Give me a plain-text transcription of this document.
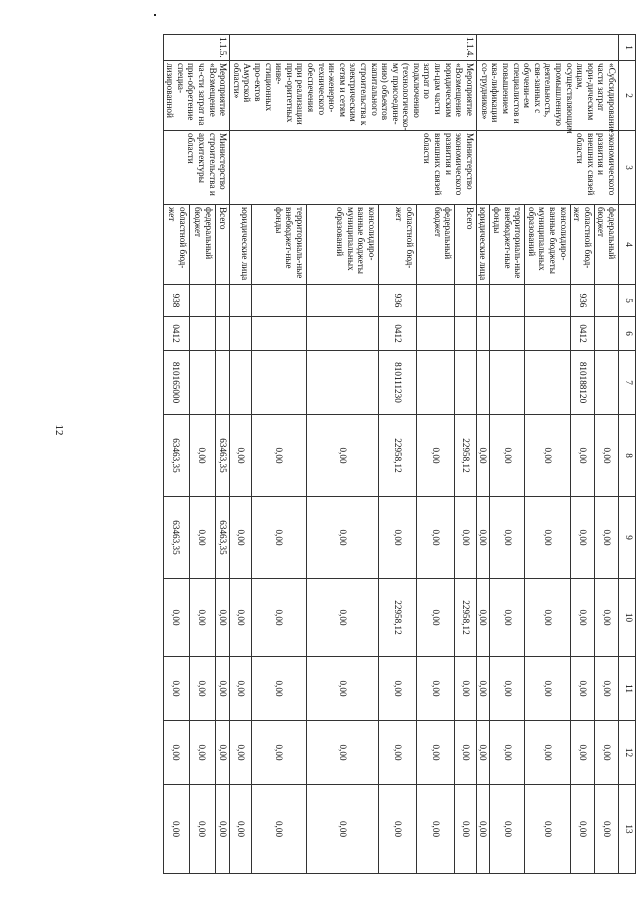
12
1	2	3	4	5	6	7	8	9	10	11	12	13
	«Субсидирование части затрат юри-дическим лицам, осуществляющим промышленную деятельность, свя-занных с обучени-ем специалистов и повышением ква-лификации со-трудников»	экономического развития и внешних связей области	федеральный бюджет				0,00	0,00	0,00	0,00	0,00	0,00
			областной бюд-жет	936	0412	810188120	0,00	0,00	0,00	0,00	0,00	0,00
			консолидиро-ванные бюджеты муниципальных образований				0,00	0,00	0,00	0,00	0,00	0,00
			территориаль-ные внебюджет-ные фонды				0,00	0,00	0,00	0,00	0,00	0,00
			юридические лица				0,00	0,00	0,00	0,00	0,00	0,00
1.1.4.	Мероприятие «Возмещение юридическим ли-цам части затрат по подключению (технологическо-му присоедине-нию) объектов капитального строительства к электрическим сетям и сетям ин-женерно-технического обеспечения при реализации при-оритетных инве-стиционных про-ектов Амурской области»	Министерство экономического развития и внешних связей области	Всего				22958,12	0,00	22958,12	0,00	0,00	0,00
			федеральный бюджет				0,00	0,00	0,00	0,00	0,00	0,00
			областной бюд-жет	936	0412	810111230	22958,12	0,00	22958,12	0,00	0,00	0,00
			консолидиро-ванные бюджеты муниципальных образований				0,00	0,00	0,00	0,00	0,00	0,00
			территориаль-ные внебюджет-ные фонды				0,00	0,00	0,00	0,00	0,00	0,00
			юридические лица				0,00	0,00	0,00	0,00	0,00	0,00
1.1.5.	Мероприятие «Возмещение ча-сти затрат на при-обретение специа-лизированной	Министерство строительства и архитектуры области	Всего				63463,35	63463,35	0,00	0,00	0,00	0,00
			федеральный бюджет				0,00	0,00	0,00	0,00	0,00	0,00
			областной бюд-жет	938	0412	810165000	63463,35	63463,35	0,00	0,00	0,00	0,00
